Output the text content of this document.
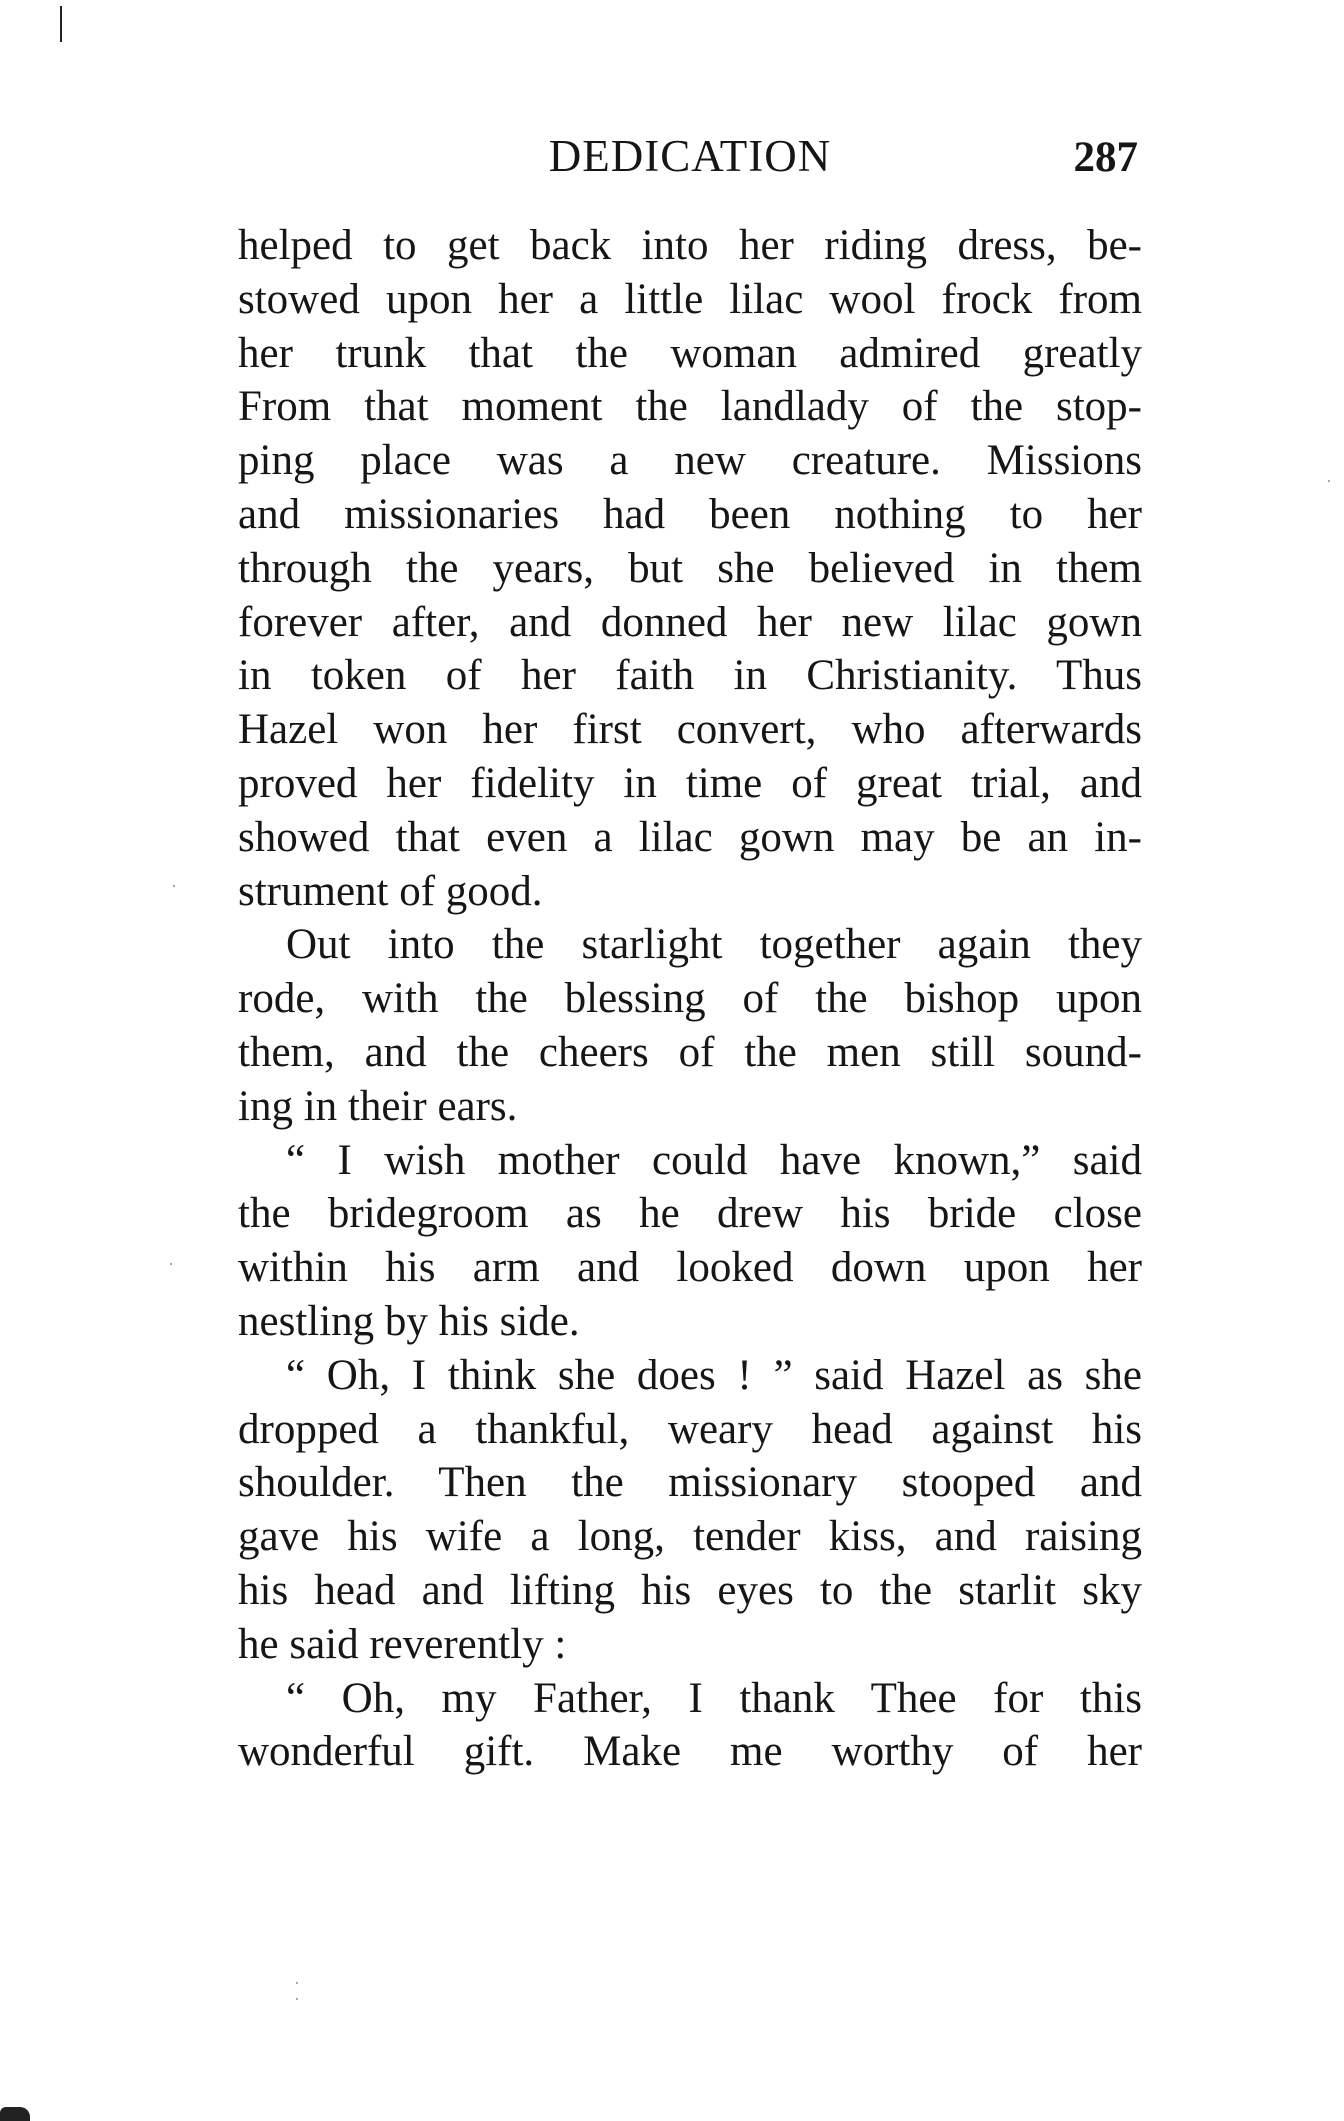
DEDICATION	287
helped to get back into her riding dress, be-
stowed upon her a little lilac wool frock from
her trunk that the woman admired greatly
From that moment the landlady of the stop-
ping place was a new creature. Missions
and missionaries had been nothing to her
through the years, but she believed in them
forever after, and donned her new lilac gown
in token of her faith in Christianity. Thus
Hazel won her first convert, who afterwards
proved her fidelity in time of great trial, and
showed that even a lilac gown may be an in-
strument of good.
Out into the starlight together again they
rode, with the blessing of the bishop upon
them, and the cheers of the men still sound-
ing in their ears.
“ I wish mother could have known,” said
the bridegroom as he drew his bride close
within his arm and looked down upon her
nestling by his side.
“ Oh, I think she does ! ” said Hazel as she
dropped a thankful, weary head against his
shoulder. Then the missionary stooped and
gave his wife a long, tender kiss, and raising
his head and lifting his eyes to the starlit sky
he said reverently :
“ Oh, my Father, I thank Thee for this
wonderful gift. Make me worthy of her
